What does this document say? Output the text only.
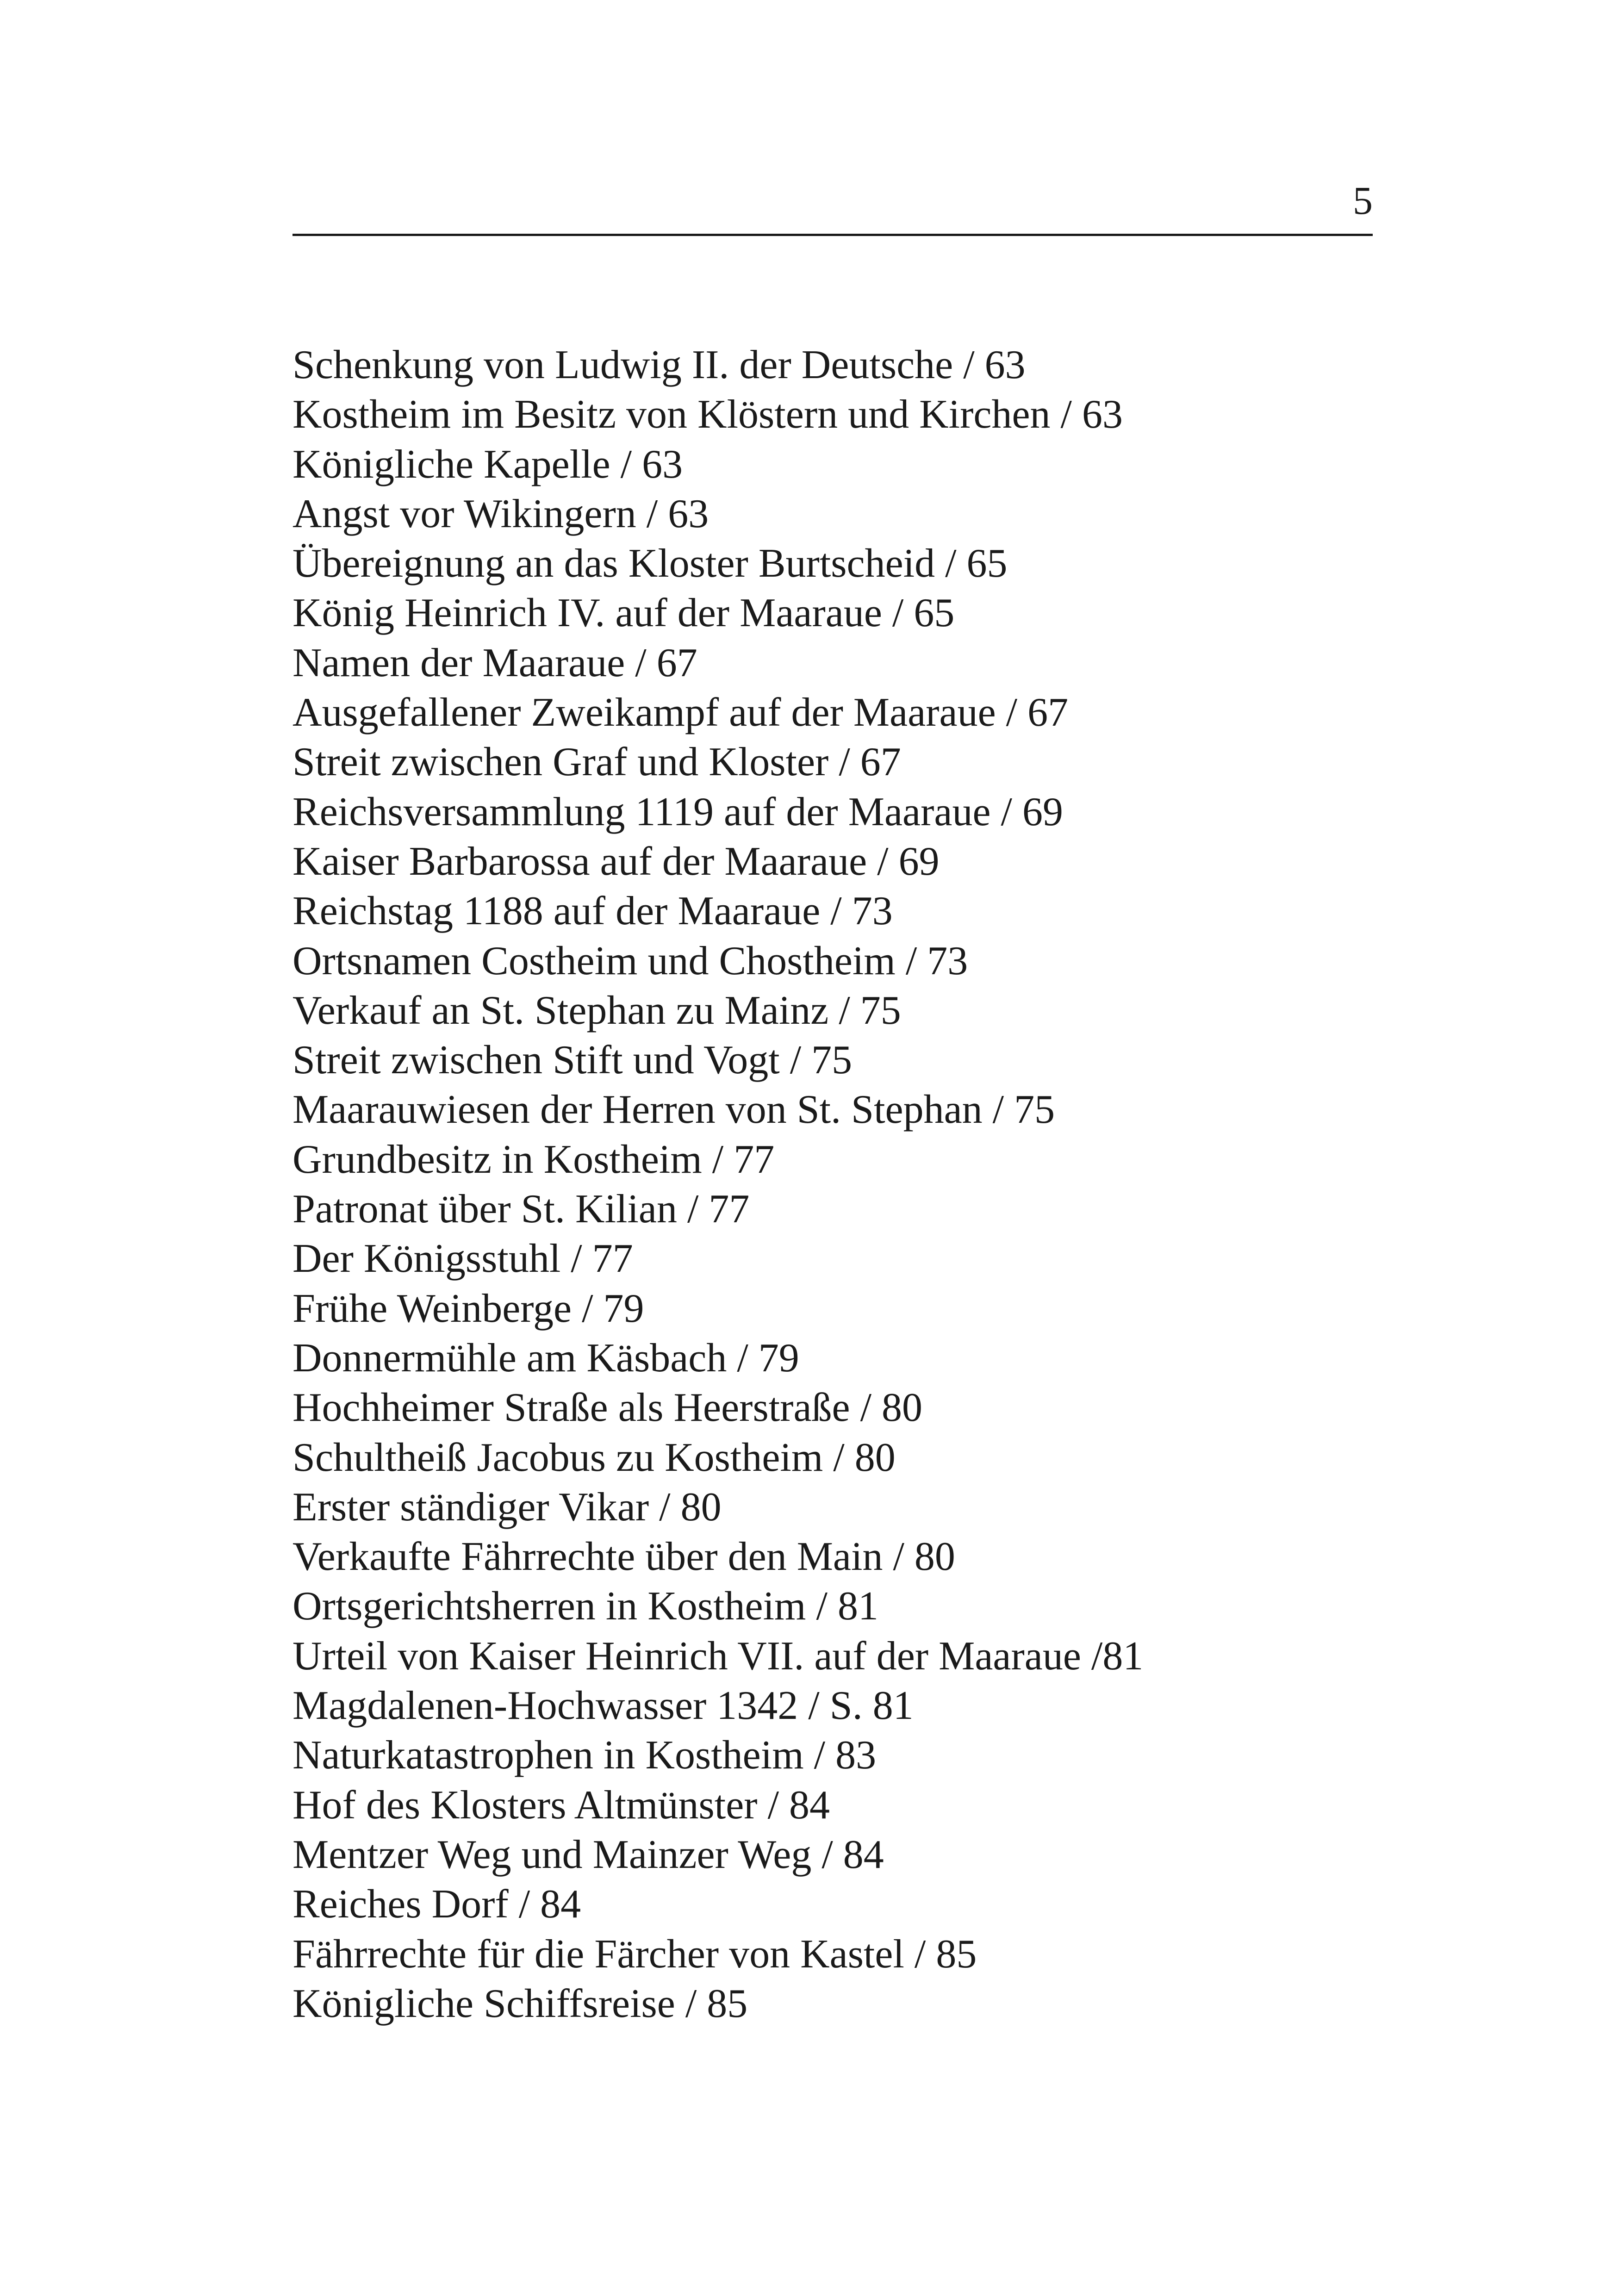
5
Schenkung von Ludwig II. der Deutsche / 63
Kostheim im Besitz von Klöstern und Kirchen / 63
Königliche Kapelle / 63
Angst vor Wikingern / 63
Übereignung an das Kloster Burtscheid / 65
König Heinrich IV. auf der Maaraue / 65
Namen der Maaraue / 67
Ausgefallener Zweikampf auf der Maaraue / 67
Streit zwischen Graf und Kloster / 67
Reichsversammlung 1119 auf der Maaraue / 69
Kaiser Barbarossa auf der Maaraue / 69
Reichstag 1188 auf der Maaraue / 73
Ortsnamen Costheim und Chostheim / 73
Verkauf an St. Stephan zu Mainz / 75
Streit zwischen Stift und Vogt / 75
Maarauwiesen der Herren von St. Stephan / 75
Grundbesitz in Kostheim / 77
Patronat über St. Kilian / 77
Der Königsstuhl / 77
Frühe Weinberge / 79
Donnermühle am Käsbach / 79
Hochheimer Straße als Heerstraße / 80
Schultheiß Jacobus zu Kostheim / 80
Erster ständiger Vikar / 80
Verkaufte Fährrechte über den Main / 80
Ortsgerichtsherren in Kostheim / 81
Urteil von Kaiser Heinrich VII. auf der Maaraue /81
Magdalenen-Hochwasser 1342 / S. 81
Naturkatastrophen in Kostheim / 83
Hof des Klosters Altmünster / 84
Mentzer Weg und Mainzer Weg / 84
Reiches Dorf / 84
Fährrechte für die Färcher von Kastel / 85
Königliche Schiffsreise / 85
